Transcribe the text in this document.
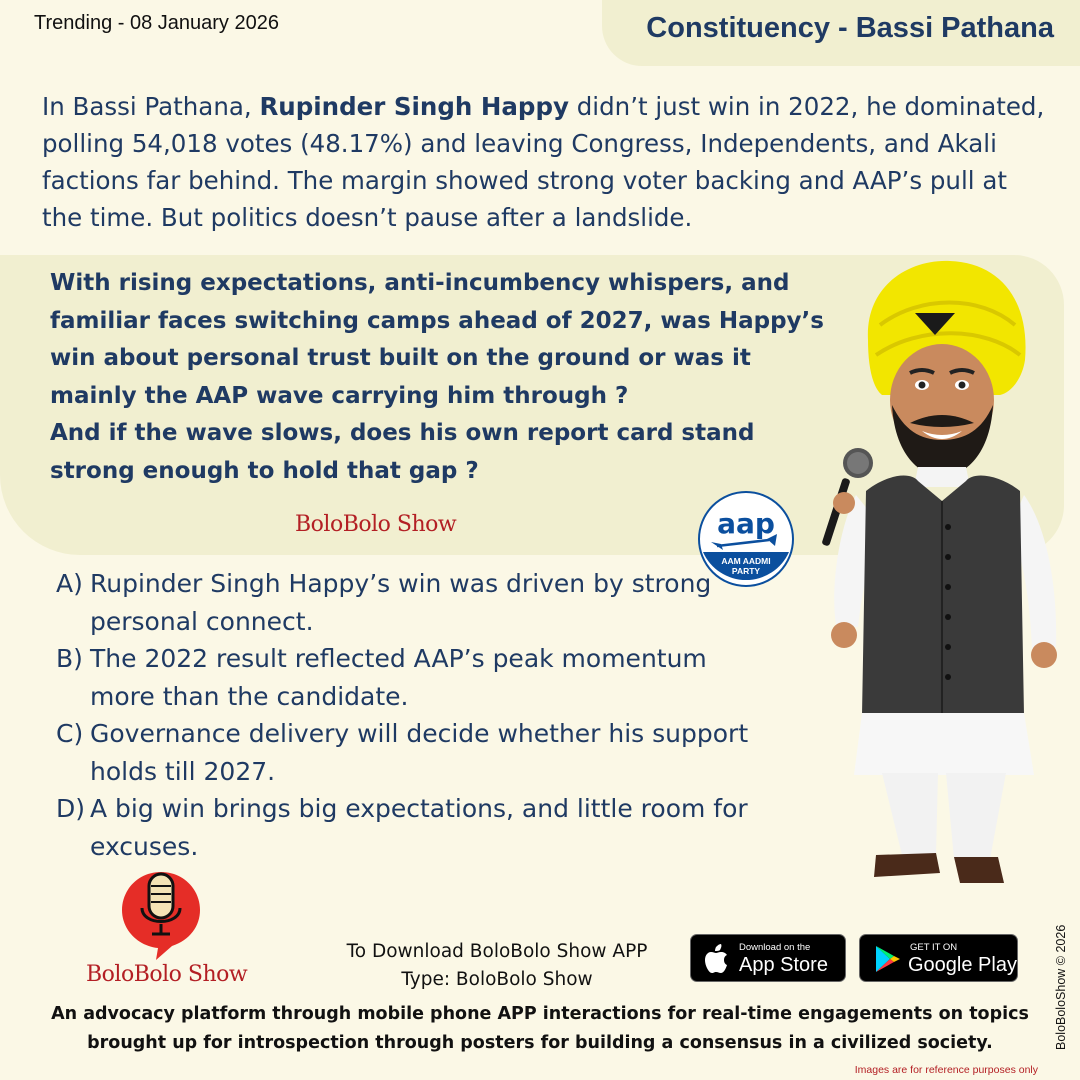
Trending - 08 January 2026	Constituency - Bassi Pathana
In Bassi Pathana, Rupinder Singh Happy didn’t just win in 2022, he dominated, polling 54,018 votes (48.17%) and leaving Congress, Independents, and Akali factions far behind. The margin showed strong voter backing and AAP’s pull at the time. But politics doesn’t pause after a landslide.
With rising expectations, anti-incumbency whispers, and familiar faces switching camps ahead of 2027, was Happy’s win about personal trust built on the ground or was it mainly the AAP wave carrying him through ?
And if the wave slows, does his own report card stand strong enough to hold that gap ?
BoloBolo Show
A) Rupinder Singh Happy’s win was driven by strong personal connect.
B) The 2022 result reflected AAP’s peak momentum more than the candidate.
C) Governance delivery will decide whether his support holds till 2027.
D) A big win brings big expectations, and little room for excuses.
aap
AAM AADMI
PARTY
BoloBolo Show
To Download BoloBolo Show APP
Type: BoloBolo Show
Download on the
App Store
GET IT ON
Google Play
An advocacy platform through mobile phone APP interactions for real-time engagements on topics brought up for introspection through posters for building a consensus in a civilized society.	BoloBoloShow © 2026
Images are for reference purposes only
